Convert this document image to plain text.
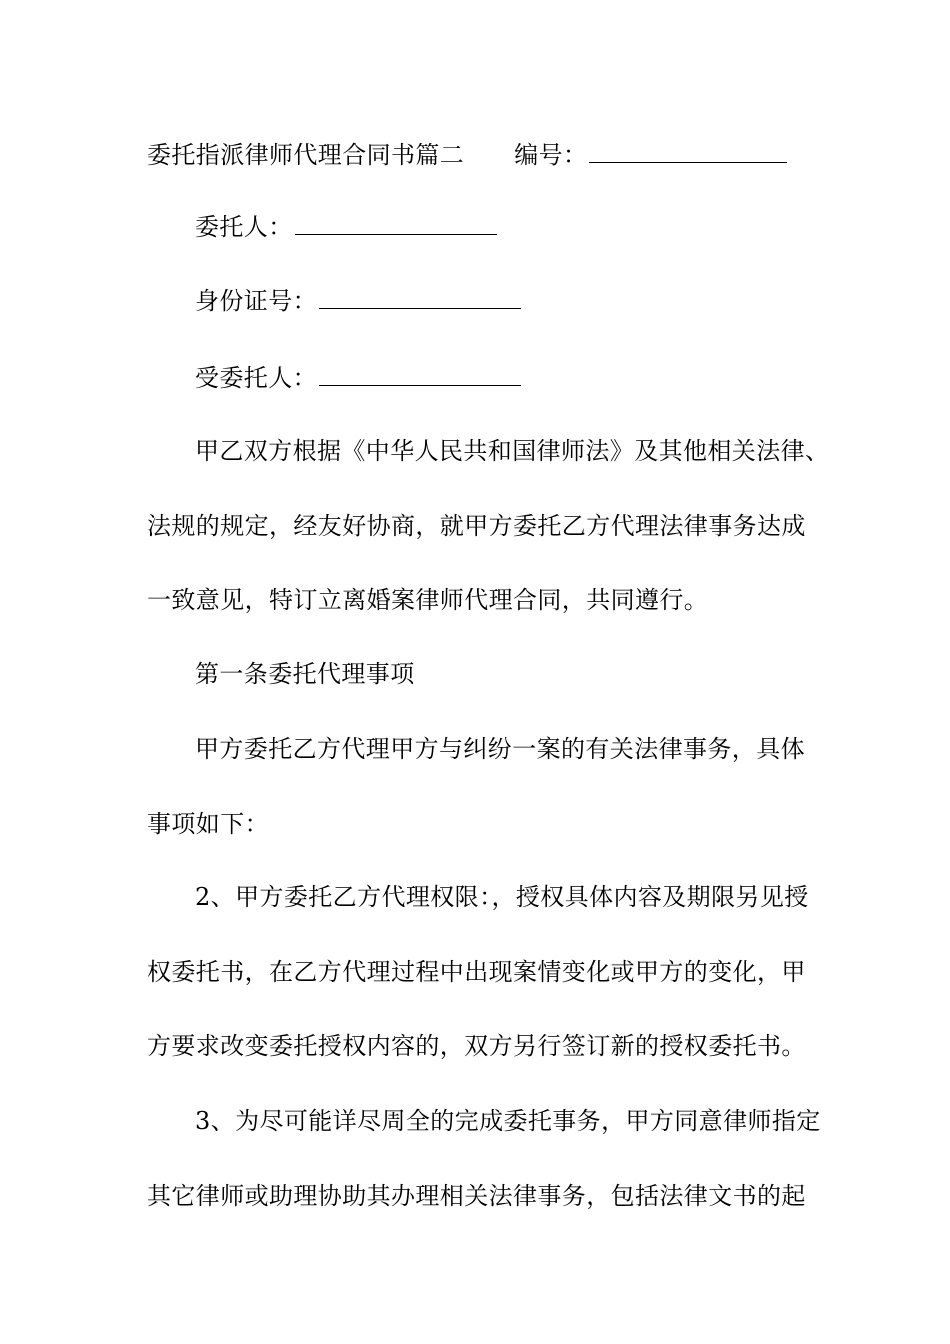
委托指派律师代理合同书篇二 编号：
委托人：
身份证号：
受委托人：
甲乙双方根据《中华人民共和国律师法》及其他相关法律、
法规的规定，经友好协商，就甲方委托乙方代理法律事务达成
一致意见，特订立离婚案律师代理合同，共同遵行。
第一条委托代理事项
甲方委托乙方代理甲方与纠纷一案的有关法律事务，具体
事项如下：
2、甲方委托乙方代理权限：，授权具体内容及期限另见授
权委托书，在乙方代理过程中出现案情变化或甲方的变化，甲
方要求改变委托授权内容的，双方另行签订新的授权委托书。
3、为尽可能详尽周全的完成委托事务，甲方同意律师指定
其它律师或助理协助其办理相关法律事务，包括法律文书的起
